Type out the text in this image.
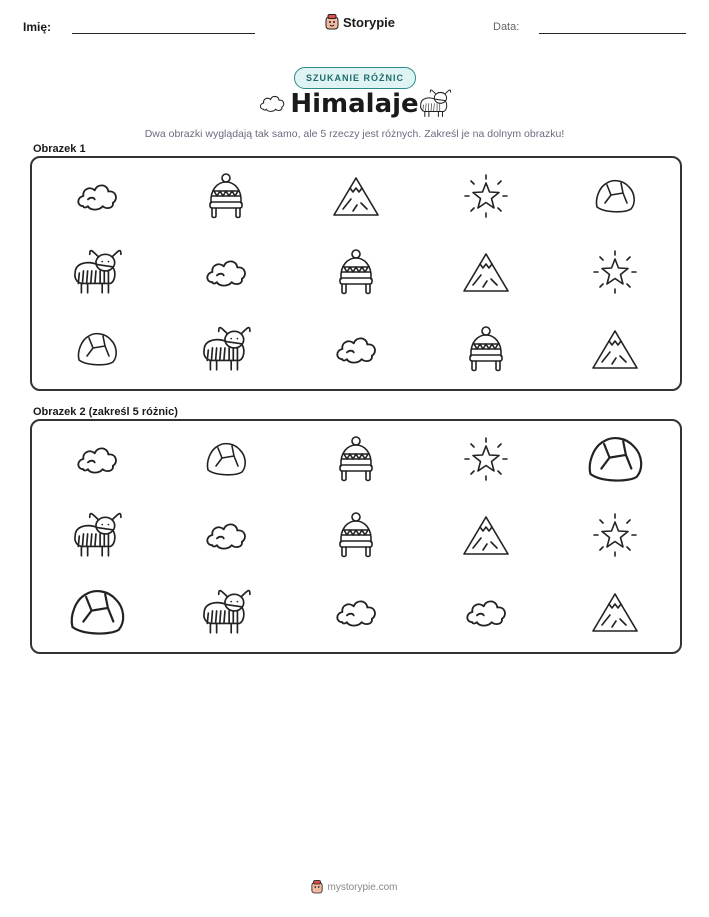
Imię:	Storypie	Data:
SZUKANIE RÓŻNIC
Himalaje
Dwa obrazki wyglądają tak samo, ale 5 rzeczy jest różnych. Zakreśl je na dolnym obrazku!
Obrazek 1
Obrazek 2 (zakreśl 5 różnic)
mystorypie.com
